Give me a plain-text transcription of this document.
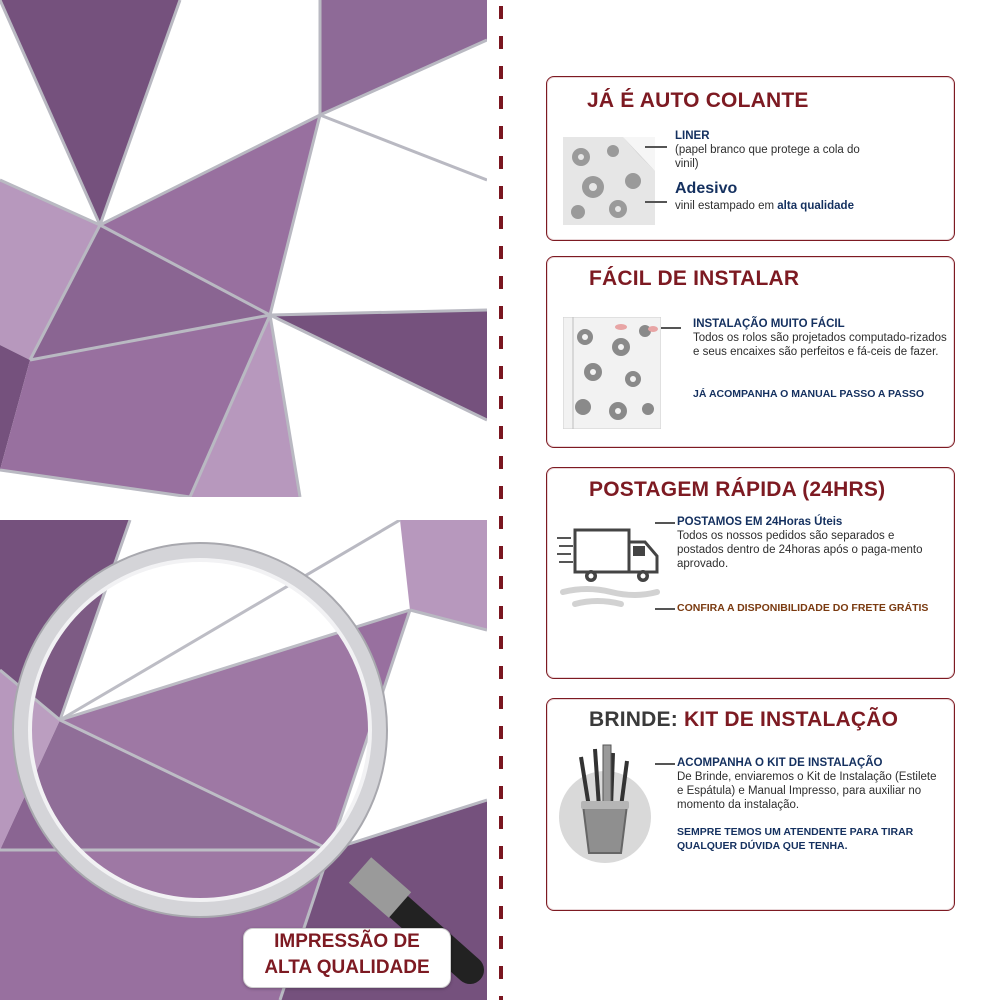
IMPRESSÃO DE
ALTA QUALIDADE
JÁ É AUTO COLANTE
LINER
(papel branco que protege a cola do vinil)
Adesivo
vinil estampado em alta qualidade
FÁCIL DE INSTALAR
INSTALAÇÃO MUITO FÁCIL
Todos os rolos são projetados computado-rizados e seus encaixes são perfeitos e fá-ceis de fazer.
JÁ ACOMPANHA O MANUAL PASSO A PASSO
POSTAGEM RÁPIDA (24HRS)
POSTAMOS EM 24Horas Úteis
Todos os nossos pedidos são separados e postados dentro de 24horas após o paga-mento aprovado.
CONFIRA A DISPONIBILIDADE DO FRETE GRÁTIS
BRINDE: KIT DE INSTALAÇÃO
ACOMPANHA O KIT DE INSTALAÇÃO
De Brinde, enviaremos o Kit de Instalação (Estilete e Espátula) e Manual Impresso, para auxiliar no momento da instalação.
SEMPRE TEMOS UM ATENDENTE PARA TIRAR
QUALQUER DÚVIDA QUE TENHA.
